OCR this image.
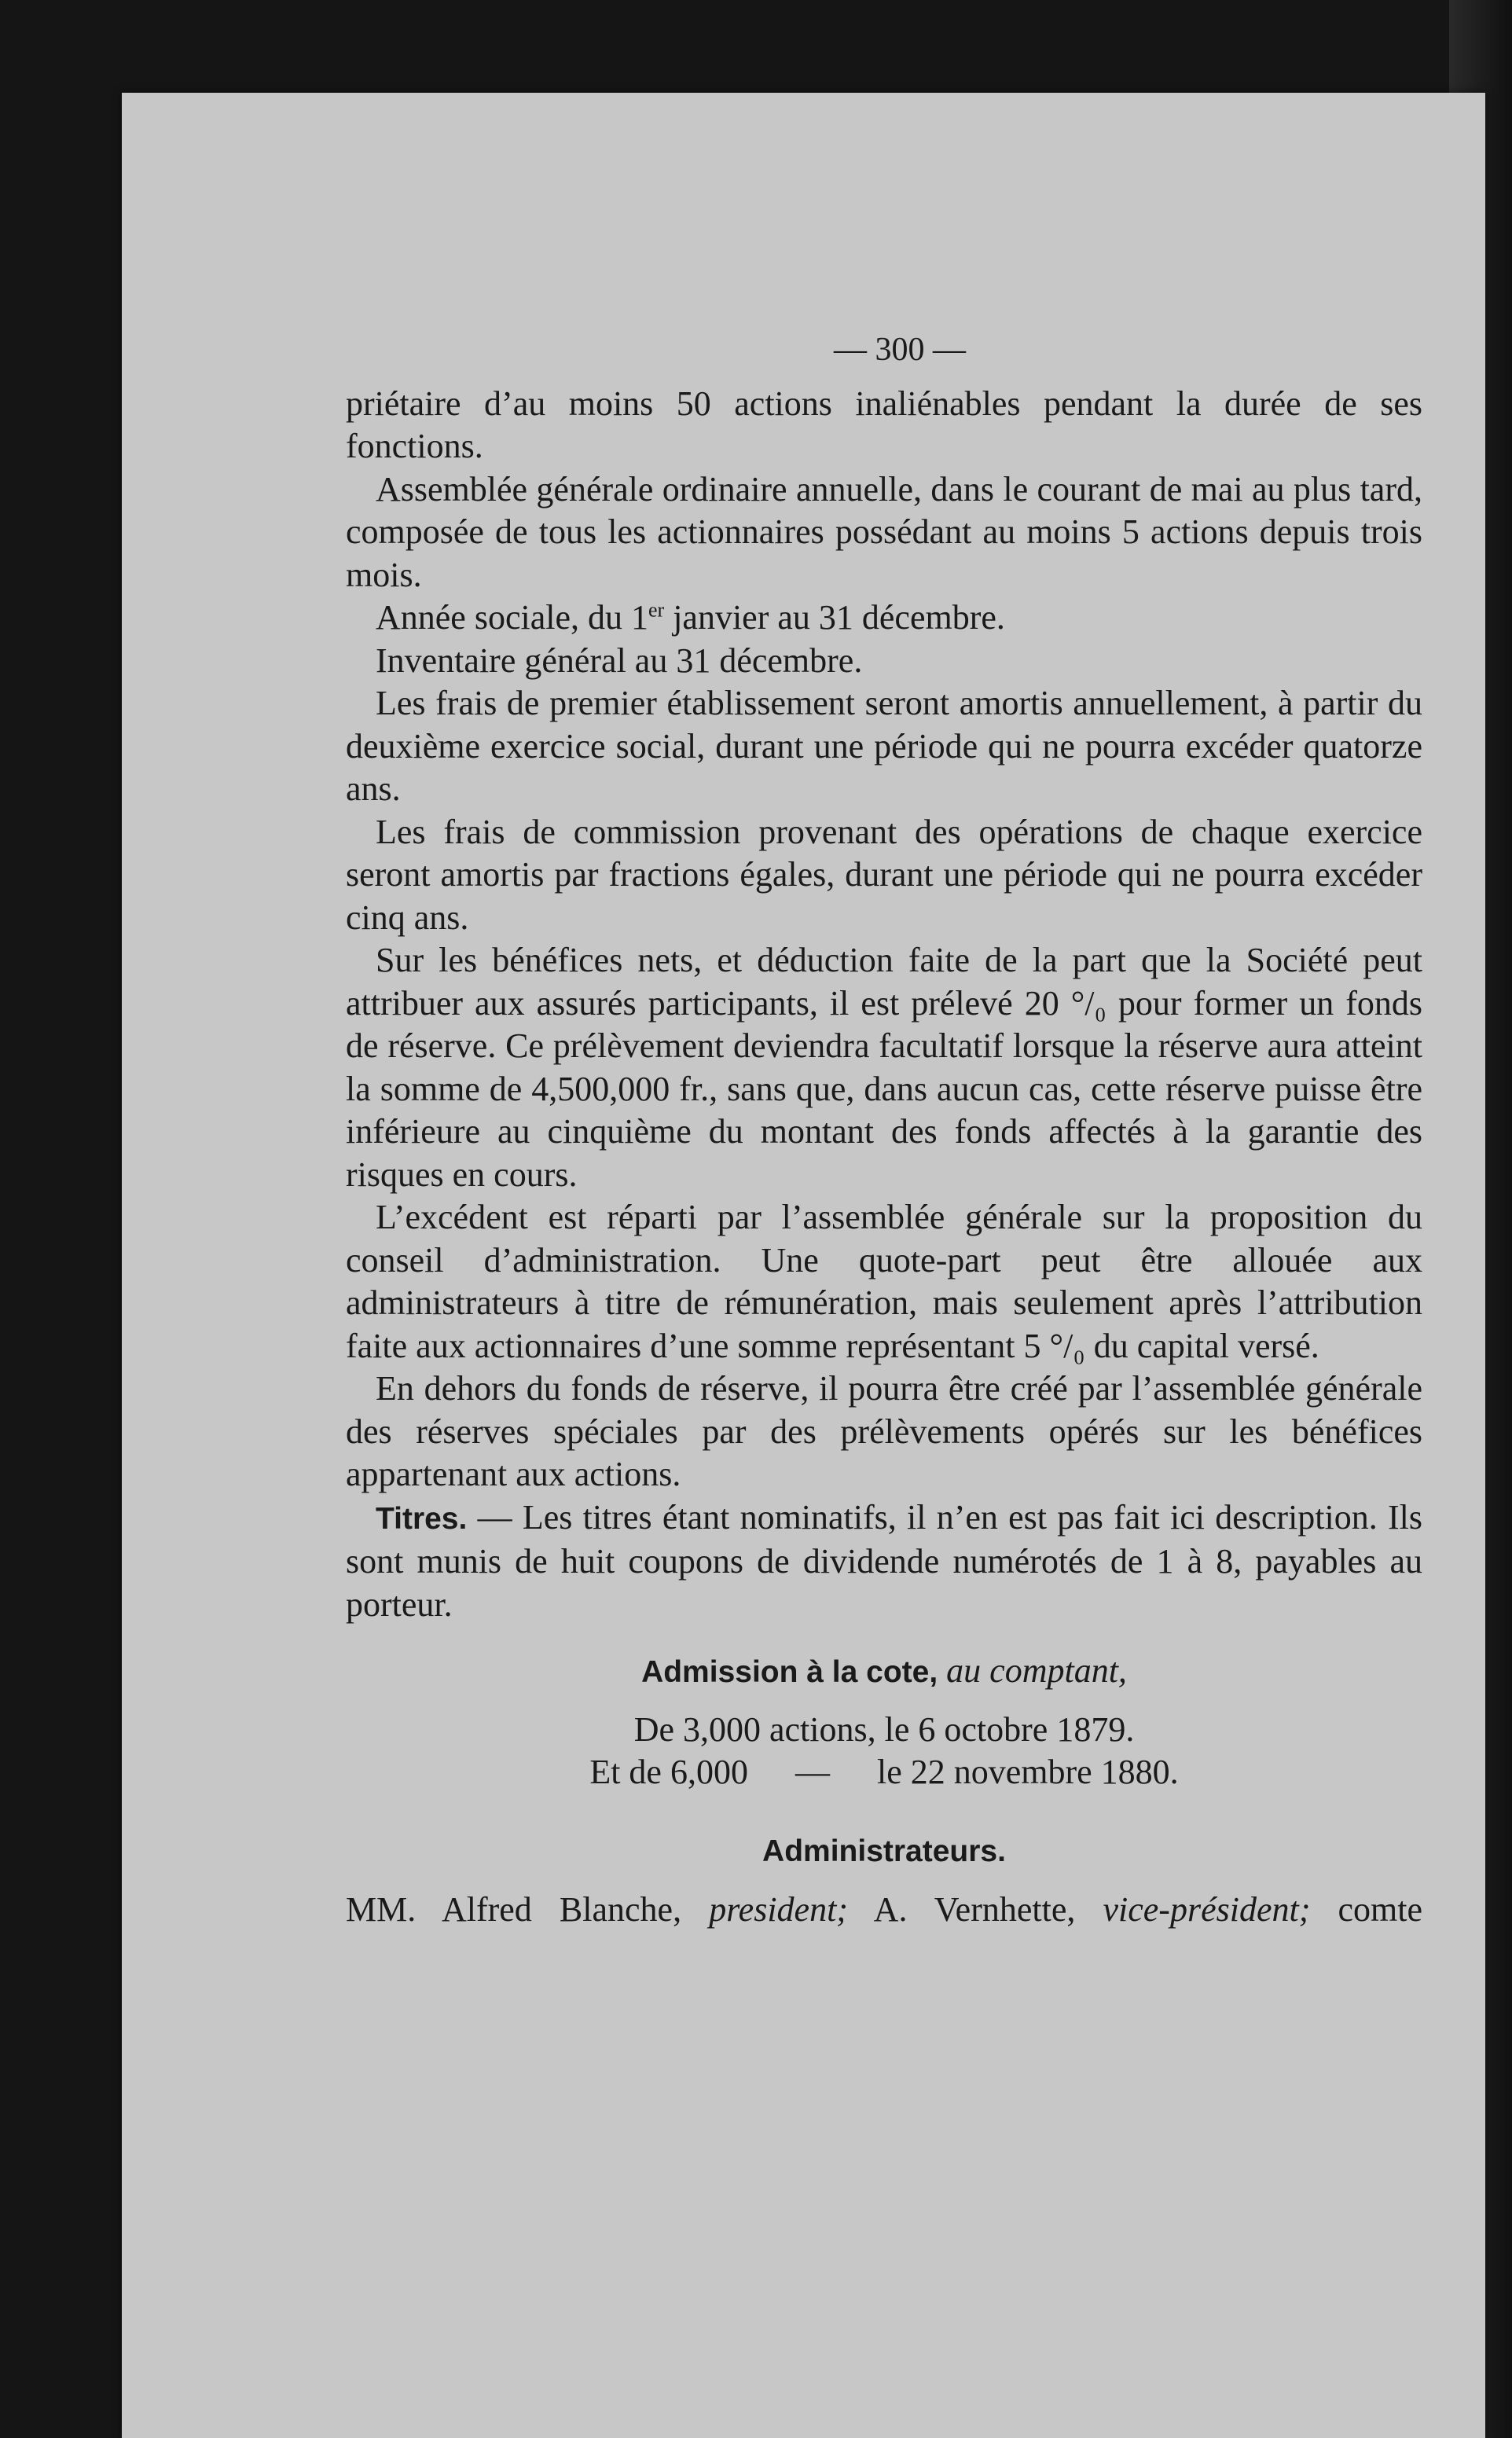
— 300 —

priétaire d’au moins 50 actions inaliénables pendant la durée de ses fonctions.

Assemblée générale ordinaire annuelle, dans le courant de mai au plus tard, composée de tous les actionnaires possédant au moins 5 actions depuis trois mois.

Année sociale, du 1er janvier au 31 décembre.

Inventaire général au 31 décembre.

Les frais de premier établissement seront amortis annuellement, à partir du deuxième exercice social, durant une période qui ne pourra excéder quatorze ans.

Les frais de commission provenant des opérations de chaque exercice seront amortis par fractions égales, durant une période qui ne pourra excéder cinq ans.

Sur les bénéfices nets, et déduction faite de la part que la Société peut attribuer aux assurés participants, il est prélevé 20 °/₀ pour former un fonds de réserve. Ce prélèvement deviendra facultatif lorsque la réserve aura atteint la somme de 4,500,000 fr., sans que, dans aucun cas, cette réserve puisse être inférieure au cinquième du montant des fonds affectés à la garantie des risques en cours.

L’excédent est réparti par l’assemblée générale sur la proposition du conseil d’administration. Une quote-part peut être allouée aux administrateurs à titre de rémunération, mais seulement après l’attribution faite aux actionnaires d’une somme représentant 5 °/₀ du capital versé.

En dehors du fonds de réserve, il pourra être créé par l’assemblée générale des réserves spéciales par des prélèvements opérés sur les bénéfices appartenant aux actions.

Titres. — Les titres étant nominatifs, il n’en est pas fait ici description. Ils sont munis de huit coupons de dividende numérotés de 1 à 8, payables au porteur.

Admission à la cote, au comptant,
De 3,000 actions, le 6 octobre 1879.
Et de 6,000 — le 22 novembre 1880.
Administrateurs.
MM. Alfred Blanche, president; A. Vernhette, vice-président; comte
